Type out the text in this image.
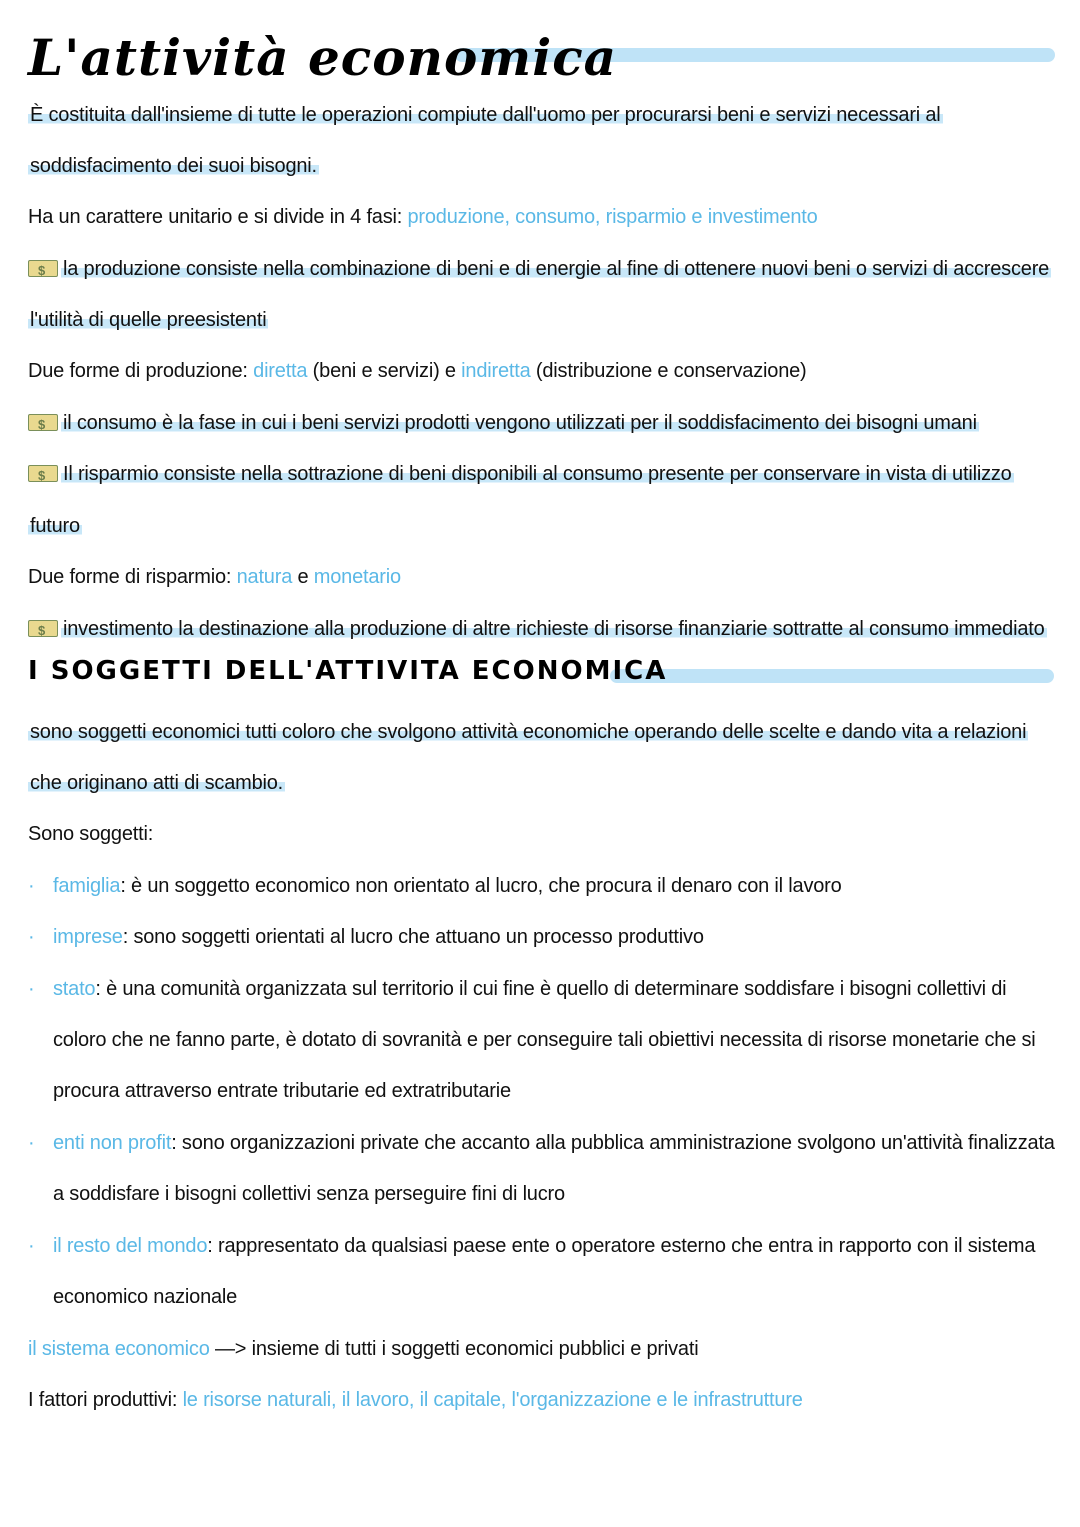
L'attività economica
È costituita dall'insieme di tutte le operazioni compiute dall'uomo per procurarsi beni e servizi necessari al
soddisfacimento dei suoi bisogni.
Ha un carattere unitario e si divide in 4 fasi: produzione, consumo, risparmio e investimento
$la produzione consiste nella combinazione di beni e di energie al fine di ottenere nuovi beni o servizi di accrescere
l'utilità di quelle preesistenti
Due forme di produzione: diretta (beni e servizi) e indiretta (distribuzione e conservazione)
$il consumo è la fase in cui i beni servizi prodotti vengono utilizzati per il soddisfacimento dei bisogni umani
$Il risparmio consiste nella sottrazione di beni disponibili al consumo presente per conservare in vista di utilizzo
futuro
Due forme di risparmio: natura e monetario
$investimento la destinazione alla produzione di altre richieste di risorse finanziarie sottratte al consumo immediato
I SOGGETTI DELL'ATTIVITA ECONOMICA
sono soggetti economici tutti coloro che svolgono attività economiche operando delle scelte e dando vita a relazioni
che originano atti di scambio.
Sono soggetti:
· famiglia: è un soggetto economico non orientato al lucro, che procura il denaro con il lavoro
· imprese: sono soggetti orientati al lucro che attuano un processo produttivo
· stato: è una comunità organizzata sul territorio il cui fine è quello di determinare soddisfare i bisogni collettivi di
coloro che ne fanno parte, è dotato di sovranità e per conseguire tali obiettivi necessita di risorse monetarie che si
procura attraverso entrate tributarie ed extratributarie
· enti non profit: sono organizzazioni private che accanto alla pubblica amministrazione svolgono un'attività finalizzata
a soddisfare i bisogni collettivi senza perseguire fini di lucro
· il resto del mondo: rappresentato da qualsiasi paese ente o operatore esterno che entra in rapporto con il sistema
economico nazionale
il sistema economico —> insieme di tutti i soggetti economici pubblici e privati
I fattori produttivi: le risorse naturali, il lavoro, il capitale, l'organizzazione e le infrastrutture
